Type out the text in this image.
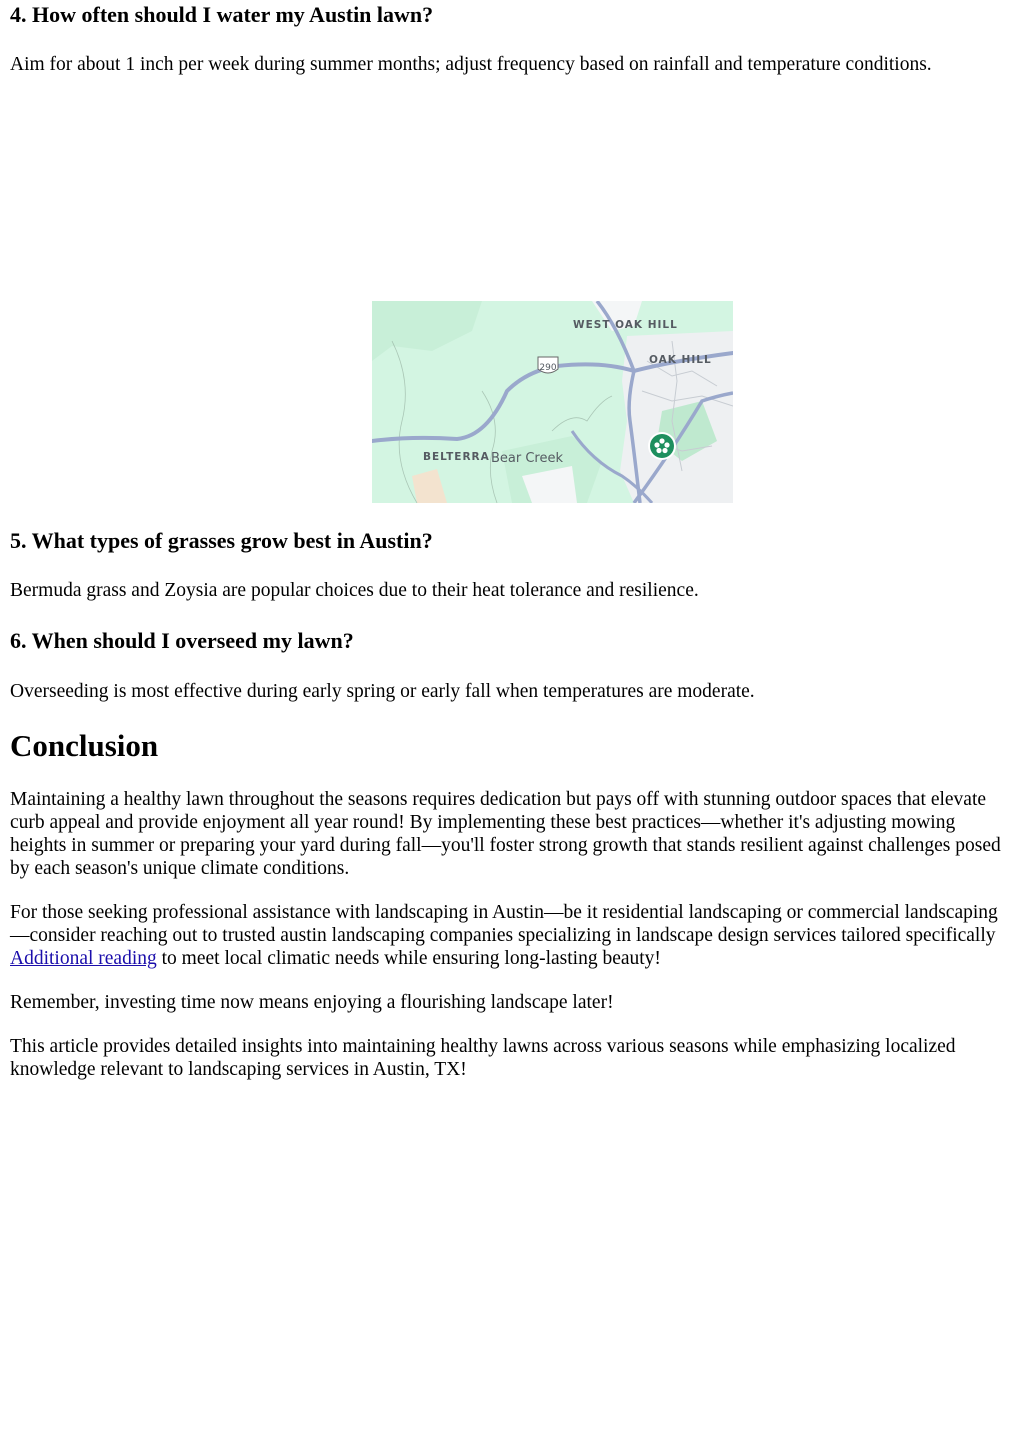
4. How often should I water my Austin lawn?

Aim for about 1 inch per week during summer months; adjust frequency based on rainfall and temperature conditions.

5. What types of grasses grow best in Austin?

Bermuda grass and Zoysia are popular choices due to their heat tolerance and resilience.

6. When should I overseed my lawn?

Overseeding is most effective during early spring or early fall when temperatures are moderate.

Conclusion

Maintaining a healthy lawn throughout the seasons requires dedication but pays off with stunning outdoor spaces that elevate curb appeal and provide enjoyment all year round! By implementing these best practices—whether it's adjusting mowing heights in summer or preparing your yard during fall—you'll foster strong growth that stands resilient against challenges posed by each season's unique climate conditions.

For those seeking professional assistance with landscaping in Austin—be it residential landscaping or commercial landscaping—consider reaching out to trusted austin landscaping companies specializing in landscape design services tailored specifically Additional reading to meet local climatic needs while ensuring long-lasting beauty!

Remember, investing time now means enjoying a flourishing landscape later!

This article provides detailed insights into maintaining healthy lawns across various seasons while emphasizing localized knowledge relevant to landscaping services in Austin, TX!

290
WEST OAK HILL
OAK HILL
BELTERRA Bear Creek
